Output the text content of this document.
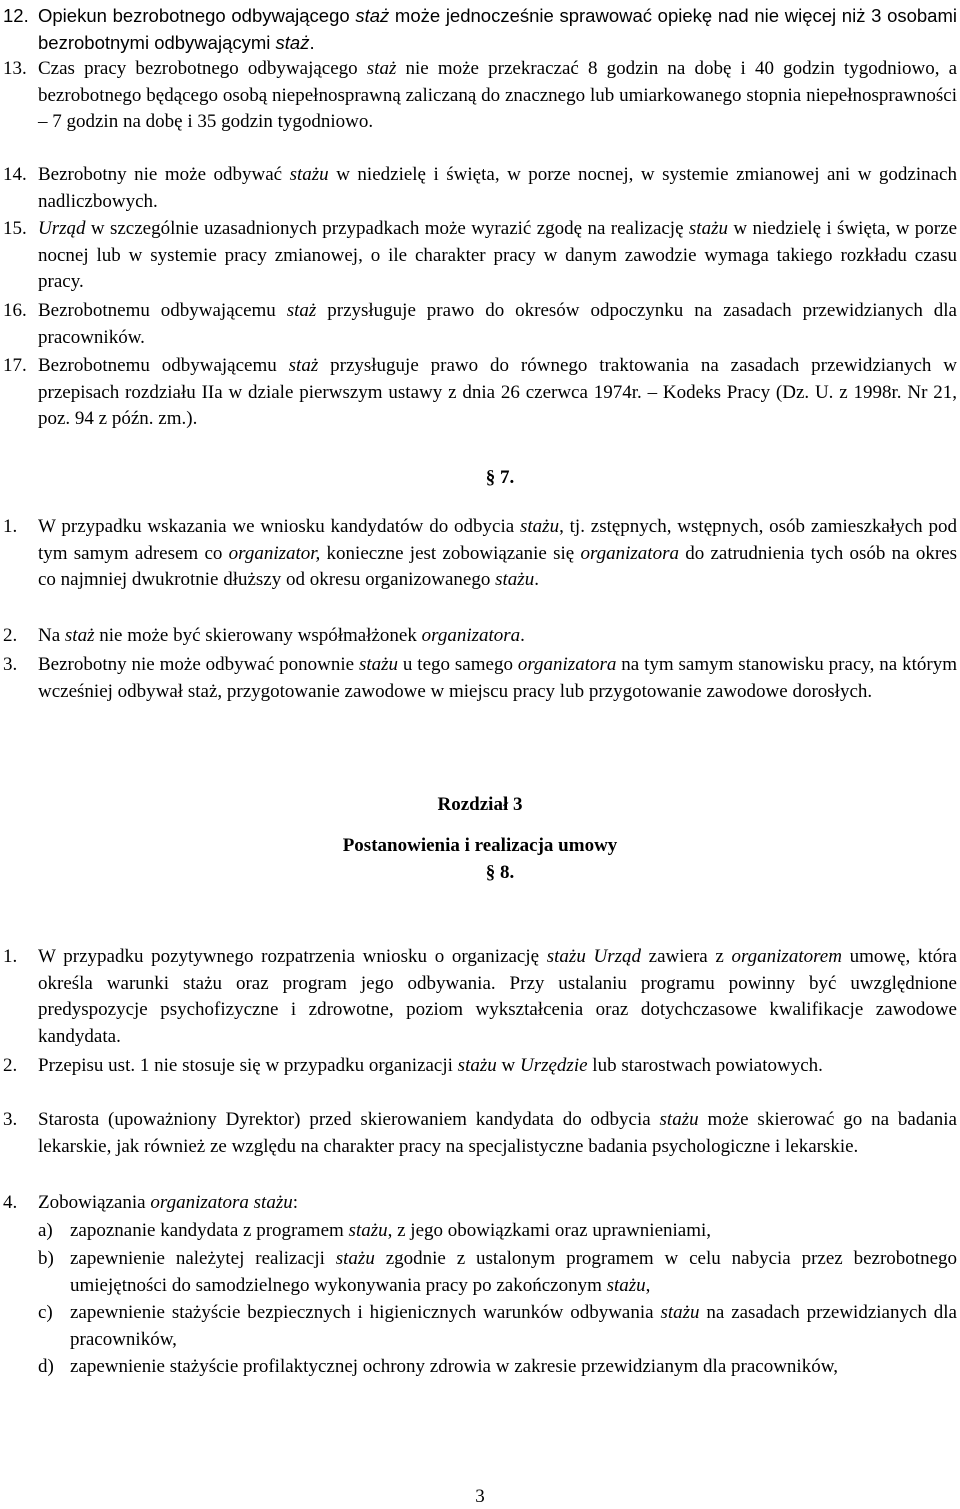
12. Opiekun bezrobotnego odbywającego staż może jednocześnie sprawować opiekę nad nie więcej niż 3 osobami bezrobotnymi odbywającymi staż.
13. Czas pracy bezrobotnego odbywającego staż nie może przekraczać 8 godzin na dobę i 40 godzin tygodniowo, a bezrobotnego będącego osobą niepełnosprawną zaliczaną do znacznego lub umiarkowanego stopnia niepełnosprawności – 7 godzin na dobę i 35 godzin tygodniowo.
14. Bezrobotny nie może odbywać stażu w niedzielę i święta, w porze nocnej, w systemie zmianowej ani w godzinach nadliczbowych.
15. Urząd w szczególnie uzasadnionych przypadkach może wyrazić zgodę na realizację stażu w niedzielę i święta, w porze nocnej lub w systemie pracy zmianowej, o ile charakter pracy w danym zawodzie wymaga takiego rozkładu czasu pracy.
16. Bezrobotnemu odbywającemu staż przysługuje prawo do okresów odpoczynku na zasadach przewidzianych dla pracowników.
17. Bezrobotnemu odbywającemu staż przysługuje prawo do równego traktowania na zasadach przewidzianych w przepisach rozdziału IIa w dziale pierwszym ustawy z dnia 26 czerwca 1974r. – Kodeks Pracy (Dz. U. z 1998r. Nr 21, poz. 94 z późn. zm.).
§ 7.
1. W przypadku wskazania we wniosku kandydatów do odbycia stażu, tj. zstępnych, wstępnych, osób zamieszkałych pod tym samym adresem co organizator, konieczne jest zobowiązanie się organizatora do zatrudnienia tych osób na okres co najmniej dwukrotnie dłuższy od okresu organizowanego stażu.
2. Na staż nie może być skierowany współmałżonek organizatora.
3. Bezrobotny nie może odbywać ponownie stażu u tego samego organizatora na tym samym stanowisku pracy, na którym wcześniej odbywał staż, przygotowanie zawodowe w miejscu pracy lub przygotowanie zawodowe dorosłych.
Rozdział 3
Postanowienia i realizacja umowy
§ 8.
1. W przypadku pozytywnego rozpatrzenia wniosku o organizację stażu Urząd zawiera z organizatorem umowę, która określa warunki stażu oraz program jego odbywania. Przy ustalaniu programu powinny być uwzględnione predyspozycje psychofizyczne i zdrowotne, poziom wykształcenia oraz dotychczasowe kwalifikacje zawodowe kandydata.
2. Przepisu ust. 1 nie stosuje się w przypadku organizacji stażu w Urzędzie lub starostwach powiatowych.
3. Starosta (upoważniony Dyrektor) przed skierowaniem kandydata do odbycia stażu może skierować go na badania lekarskie, jak również ze względu na charakter pracy na specjalistyczne badania psychologiczne i lekarskie.
4. Zobowiązania organizatora stażu:
a) zapoznanie kandydata z programem stażu, z jego obowiązkami oraz uprawnieniami,
b) zapewnienie należytej realizacji stażu zgodnie z ustalonym programem w celu nabycia przez bezrobotnego umiejętności do samodzielnego wykonywania pracy po zakończonym stażu,
c) zapewnienie stażyście bezpiecznych i higienicznych warunków odbywania stażu na zasadach przewidzianych dla pracowników,
d) zapewnienie stażyście profilaktycznej ochrony zdrowia w zakresie przewidzianym dla pracowników,
3
